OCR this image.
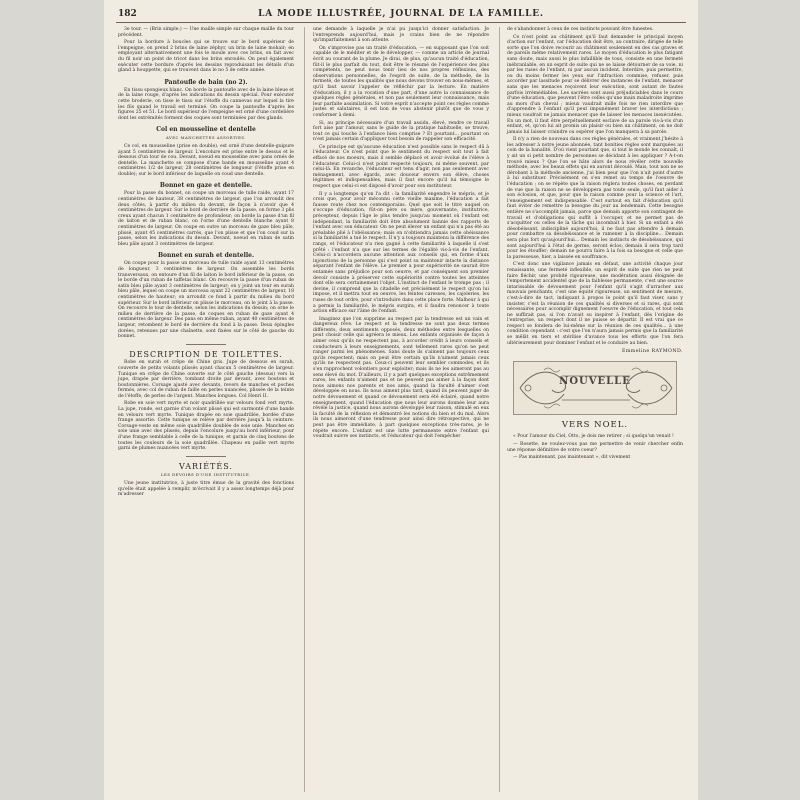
182	LA MODE ILLUSTRÉE, JOURNAL DE LA FAMILLE.

3e tour. — (Brin simple.) — Une maille simple sur chaque maille du tour précédent.

Pour la bordure à boucles qui se trouve sur le bord supérieur de l'empeigne, on prend 2 brins de laine zéphyr, un brin de laine mohair; en employant alternativement une fois le moule avec ces brins, on fait avec du fil noir un point de tricot dans les brins enroulés. On peut également exécuter cette bordure d'après les dessins reproduisant les détails d'un gland à houppette, qui se trouvent dans le no 5 de cette année.

Pantoufle de bain (no 2).

En tissu spongieux blanc. On borde la pantoufle avec de la laine bleue et de la laine rouge, d'après les indications du dessin spécial. Pour exécuter cette broderie, on tisse le tissu sur l'étoffe du cannevas sur lequel la tire les fils quand le travail est terminé. On coupe la pantoufle d'après les figures 25 et 51. Le bord supérieur de l'empeigne est orné d'une cordelière dont les extrémités forment des coques sont terminées par des glands.

Col en mousseline et dentelle
AVEC MANCHETTES ASSORTIES.

Ce col, en mousseline (prise en double), est orné d'une dentelle-guipure ayant 5 centimètres de largeur. L'encolure est prise entre le dessus et le dessous d'un tour de cou. Devant, noeud en mousseline avec pans ornés de dentelle. La manchette se compose d'une bande en mousseline ayant 4 centimètres 1/2 de largeur, 28 centimètres de longueur (l'étoffe prise en double); sur le bord inférieur de laquelle on coud une dentelle.

Bonnet en gaze et dentelle.

Pour la passe du bonnet, on coupe un morceau de tulle raide, ayant 17 centimètres de hauteur, 38 centimètres de largeur, que l'on arrondit des deux côtés, à partir du milieu du devant, de façon à n'avoir que 4 centimètres de largeur. Sur le bord de derrière de la passe, on forme 3 plis creux ayant chacun 1 centimètre de profondeur; on borde la passe d'un fil de laiton et de ruban blanc, on l'orne d'une dentelle blanche ayant 8 centimètres de largeur. On coupe en outre un morceau de gaze bleu pâle, plissé, ayant 45 centimètres carrés, que l'on plisse et que l'on coud sur la passe, selon les indications du dessin. Devant, noeud en ruban de satin bleu pâle ayant 3 centimètres de largeur.

Bonnet en surah et dentelle.

On coupe pour la passe un morceau de tulle raide ayant 13 centimètres de longueur, 3 centimètres de largeur. On assemble les bords transversaux, on entoure d'un fil de laiton le bord inférieur de la passe, on le borde d'un ruban de taffetas blanc. On recouvre la passe d'un ruban de satin bleu pâle ayant 3 centimètres de largeur; on y joint un tour en surah bleu pâle, lequel on coupe un morceau ayant 22 centimètres de largeur, 18 centimètres de hauteur; on arrondit ce fond à partir du milieu du bord supérieur. Sur le bord inférieur on plisse le morceau, on le joint à la passe. On recouvre le tour de dentelle, selon les indications du dessin; on orne le milieu de derrière de la passe, de coques en ruban de gaze ayant 4 centimètres de largeur. Des pans en même ruban, ayant 40 centimètres de largeur, retombent le bord de derrière du fond à la passe. Deux épingles dorées, retenues par une chaînette, sont fixées sur le côté de gauche du bonnet.

DESCRIPTION DE TOILETTES.

Robe en surah et crêpe de Chine gris. Jupe de dessous en surah, couverte de petits volants plissés ayant chacun 5 centimètres de largeur. Tunique en crêpe de Chine ouverte sur le côté gauche (dessus) vers la jupe, drapée par derrière, tombant droite par devant, avec boutons et boutonnières. Corsage ajusté avec devants, revers de manches et poches fermés, avec col de ruban de faille en perles nuancées, plissée de la teinte de l'étoffe, de perles de l'argent. Manches longues. Col Henri II.

Robe en soie vert myrte et noir quadrillée sur velours fond vert myrte. La jupe, ronde, est garnie d'un volant plissé qui est surmonté d'une bande en velours vert myrte. Tunique drapée en soie quadrillée, bordée d'une frange assortie. Cette tunique se relève par derrière jusqu'à la ceinture. Corsage-veste en même soie quadrillée doublée de soie unie. Manches en soie unie avec des plissés, depuis l'encolure jusqu'au bord inférieur, pour d'une frange semblable à celle de la tunique, et garnis de cinq boutons de toutes les couleurs de la soie quadrillée. Chapeau en paille vert myrte garni de plumes nuancées vert myrte.

VARIÉTÉS.
LES DEVOIRS D'UNE INSTITUTRICE.

Une jeune institutrice, à juste titre émue de la gravité des fonctions qu'elle était appelée à remplir, m'écrivait il y a assez longtemps déjà pour m'adresser

une demande à laquelle je n'ai pu jusqu'ici donner satisfaction. Je l'entreprends aujourd'hui, mais je crains bien de ne répondre qu'imparfaitement à son attente.

On s'improvise pas un traité d'éducation, — en supposant que l'on soit capable de le méditer et de le développer, — comme un article de journal écrit au courant de la plume. Je dirai, de plus, qu'aucun traité d'éducation, fût-il le plus parfait du tout, doit être le résumé de l'expérience des plus compétents, ne peut nous tenir lieu de nos propres réflexions, des observations personnelles, de l'esprit de suite, de la méthode, de la fermeté, de toutes les qualités que nous devons trouver en nous-mêmes, et qu'il faut savoir l'appeler de réfléchir par la lecture. En matière d'éducation, il y a la vocation d'une part, d'une autre la connaissance de quelques règles générales, et non pas seulement leur connaissance, mais leur parfaite assimilation. Si votre esprit n'accepte point ces règles comme justes et salutaires, il est bon de vous abstenir plutôt que de vous y conformer à demi.

Si, au principe nécessaire d'un travail assidu, élevé, rendre ce travail fort aise par l'amour, sans le guide de la pratique habituelle, se trouve, tout ce qui touche à l'enfance bien comprise ? Et pourtant... pourtant on n'est jamais certain d'appliquer tout besoin de rappeler son efficacité.

Ce principe est qu'aucune éducation n'est possible sans le respect dû à l'éducateur. Ce n'est point que le sentiment du respect soit tout à fait effacé de nos moeurs, mais il semble déplacé et avoir évolué de l'élève à l'éducateur. Celui-ci n'est point respecté toujours, ni même souvent, par celui-là. En revanche, l'éducateur est tenu d'agir, non pas seulement avec ménagement, avec égards, avec douceur envers son élève, choses légitimes et indispensables, mais il faut encore qu'il lui témoigne le respect que celui-ci est disposé d'avoir pour son instituteur.

Il y a longtemps qu'on l'a dit : la familiarité engendre le mépris, et je crois que, pour avoir méconnu cette vieille maxime, l'éducation a fait fausse route chez nos contemporains. Quel que soit le titre auquel on s'occupe d'éducation, fût-on père ou mère, gouvernante, institutrice, précepteur, depuis l'âge le plus tendre jusqu'au moment où l'enfant est indépendant, la familiarité doit être absolument bannie des rapports de l'enfant avec son éducateur. On ne peut élever un enfant qui n'a pas été au préalable plié à l'obéissance; mais on n'obtiendra jamais cette obéissance si la familiarité a tué le respect. Il n'y a toujours maintenu la différence des rangs, et l'éducateur n'a rien gagné à cette familiarité à laquelle il s'est prêté : l'enfant n'a que sur les termes de l'égalité vis-à-vis de l'enfant. Celui-ci n'accordera aucune attention aux conseils qui, en forme d'aux injonctions de la personne qui s'est point su maintenir intacte la distance séparant l'enfant de l'élève. Le premier a pour supériorité ne saurait être entamée sans préjudice pour son oeuvre, et par conséquent son premier devoir consiste à préserver cette supériorité contre toutes les atteintes dont elle sera certainement l'objet. L'instinct de l'enfant le trompe pas ; il devine, il comprend que la citadelle est précisément le respect qu'on lui impose, et il mettra tout en oeuvre, les feintes caresses, les cajoleries, les ruses de tout ordre, pour s'introduire dans cette place forte. Malheur à qui a permis la familiarité, le mépris surgira, et il faudra renoncer à toute action efficace sur l'âme de l'enfant.

Imaginez que l'on supprime au respect par la tendresse est un vain et dangereux rêve. Le respect et la tendresse ne sont pas deux termes différents, deux sentiments opposés, deux méthodes entre lesquelles on peut choisir celle qui agréera le mieux. Les enfants organisés de façon à aimer ceux qu'ils ne respectent pas, à accorder crédit à leurs conseils et conducteurs à leurs enseignements, sont tellement rares qu'on ne peut ranger parmi les phénomènes. Sans doute ils s'aiment pas toujours ceux qu'ils respectent; mais on peut être certain qu'ils n'aiment jamais ceux qu'ils ne respectent pas. Ceux-ci peuvent leur sembler commodes, et ils s'en rapprochent volontiers pour exploiter; mais ils ne les aimeront pas au sens élevé du mot. D'ailleurs, il y a part quelques exceptions extrêmement rares, les enfants n'aiment pas et ne peuvent pas aimer à la façon dont nous aimons nos parents et nos amis, quand la faculté d'aimer s'est développée en nous. Ils nous aiment plus tard, quand ils peuvent juger de notre dévouement et quand ce dévouement sera été éclairé, quand notre enseignement, quand l'éducation que nous leur aurons donnée leur aura révélé la justice, quand nous aurons développé leur raison, stimulé en eux la faculté de la réflexion et démontré les notions du bien et du mal. Alors ils nous aimeront d'une tendresse pour ainsi dire rétrospective, qui ne peut pas être immédiate, à part quelques exceptions très-rares, je le répète encore. L'enfant est une lutte permanente entre l'enfant qui voudrait suivre ses instincts, et l'éducateur qui doit l'empêcher

de s'abandonner à ceux de ces instincts pouvant être funestes.

Ce n'est point au châtiment qu'il faut demander le principal moyen d'action sur l'enfant, car l'éducation doit être, au contraire, dirigée de telle sorte que l'on doive recourir au châtiment seulement en des cas graves et de pareils même relativement rares. Le moyen d'éducation le plus fatigant sans doute, mais aussi le plus infaillible de tous, consiste en une fermeté inébranlable, en un esprit de suite qui ne se laisse détourner de sa voie, ni par les ruses de l'enfant, ni par aucun incident. Interdire, puis permettre, ou du moins fermer les yeux sur l'infraction commise, refuser, puis accorder par lassitude pour se délivrer des instances de l'enfant, menacer sans que les menaces reçoivent leur exécution, sont autant de fautes parfois irrémédiables. Les sacrées sont aussi préjudiciables dans le cours d'une éducation, que peuvent l'être celles qu'une main maladroite imprime au mors d'un cheval ; mieux vaudrait mille fois ne rien interdire que d'apprendre à l'enfant qu'il peut impunément braver les interdictions ; mieux vaudrait ne jamais menacer que de laisser les menaces inexécutées. En un mot, il faut être perpétuellement esclave de sa parole vis-à-vis d'un enfant, et, qu'on lui ait promis un plaisir ou bien un châtiment, on ne doit jamais lui laisser craindre ou espérer que l'on manquera à sa parole.

Il n'y a rien de nouveau dans ces règles générales, et vraiment j'hésite à les adresser à notre jeune abonnée, tant bonities règles sont marquées au coin de la banalité. D'où vient pourtant que, si tout le monde les connaît, il y ait un si petit nombre de personnes se décidant à les appliquer ? A-t-on trouvé mieux ? Que l'on se hâte alors de nous révéler cette nouvelle méthode, avec les beaux effets qui en auront découlé. Mais, tout non ne se dérobant à la méthode ancienne, j'ai bien peur que l'on n'ait point d'autre à lui substituer. Précisément on s'en remet au temps de l'oeuvre de l'éducation ; on se répète que la raison réglera toutes choses, en perdant de vue que la raison ne se développera pas toute seule, qu'il faut aider à son éclosion, et que, pour que la raison comme pour la science et l'art, l'enseignement est indispensable. C'est surtout en fait d'éducation qu'il faut éviter de remettre la besogne du jour au lendemain. Cette besogne entière ne s'accomplit jamais, parce que demain apporte son contingent de travail et d'obligations qui suffit à l'occuper, et ne permet pas de s'acquitter ou celles de la tâche qui incombait à hier. Si un enfant a été désobéissant, indiscipliné aujourd'hui, il ne faut pas attendre à demain pour combattre sa désobéissance et le ramener à la discipline... Demain sera plus fort qu'aujourd'hui... Demain les instincts de désobéissance, qui sont aujourd'hui à l'état de germe, seront éclos; demain il sera trop tard pour les étouffer; demain ne pourra faire à la fois sa besogne et celle que la paresseuse, hier, a laissée en souffrance.

C'est donc une vigilance jamais en défaut, une activité chaque jour renaissante, une fermeté inflexible, un esprit de suite que rien ne peut faire fléchir, une probité rigoureuse, une modération aussi éloignée de l'emportement accidentel que de la faiblesse permanente, c'est une source intarissable de dévouement pour l'enfant qu'il s'agit d'arracher aux mauvais penchants, c'est une équité rigoureuse, un sentiment de mesure, c'est-à-dire de tact, indiquant à propos le point qu'il faut viser, sans y insister, c'est la réunion de ces qualités si diverses et si rares, qui sont nécessaires pour accomplir dignement l'oeuvre de l'éducation, et tout cela ne suffirait pas, si l'on n'avait su inspirer à l'enfant, dès l'origine de l'entreprise, un respect dont il ne puisse se départir. Il est vrai que ce respect se fondera de lui-même sur la réunion de ces qualités... à une condition cependant : c'est que l'on n'aura jamais permis que la familiarité se mêlât en tiers et stérilise d'avance tous les efforts que l'on fera ultérieurement pour dominer l'enfant et le conduire au bien.

Emmeline RAYMOND.
NOUVELLE
VERS NOEL.

« Pour l'amour du Ciel, Otto, je dois me retirer ; si quelqu'un venait !

— Rosette, ne voulez-vous pas me permettre de venir chercher enfin une réponse définitive de votre coeur?

— Pas maintenant, pas maintenant », dit vivement
